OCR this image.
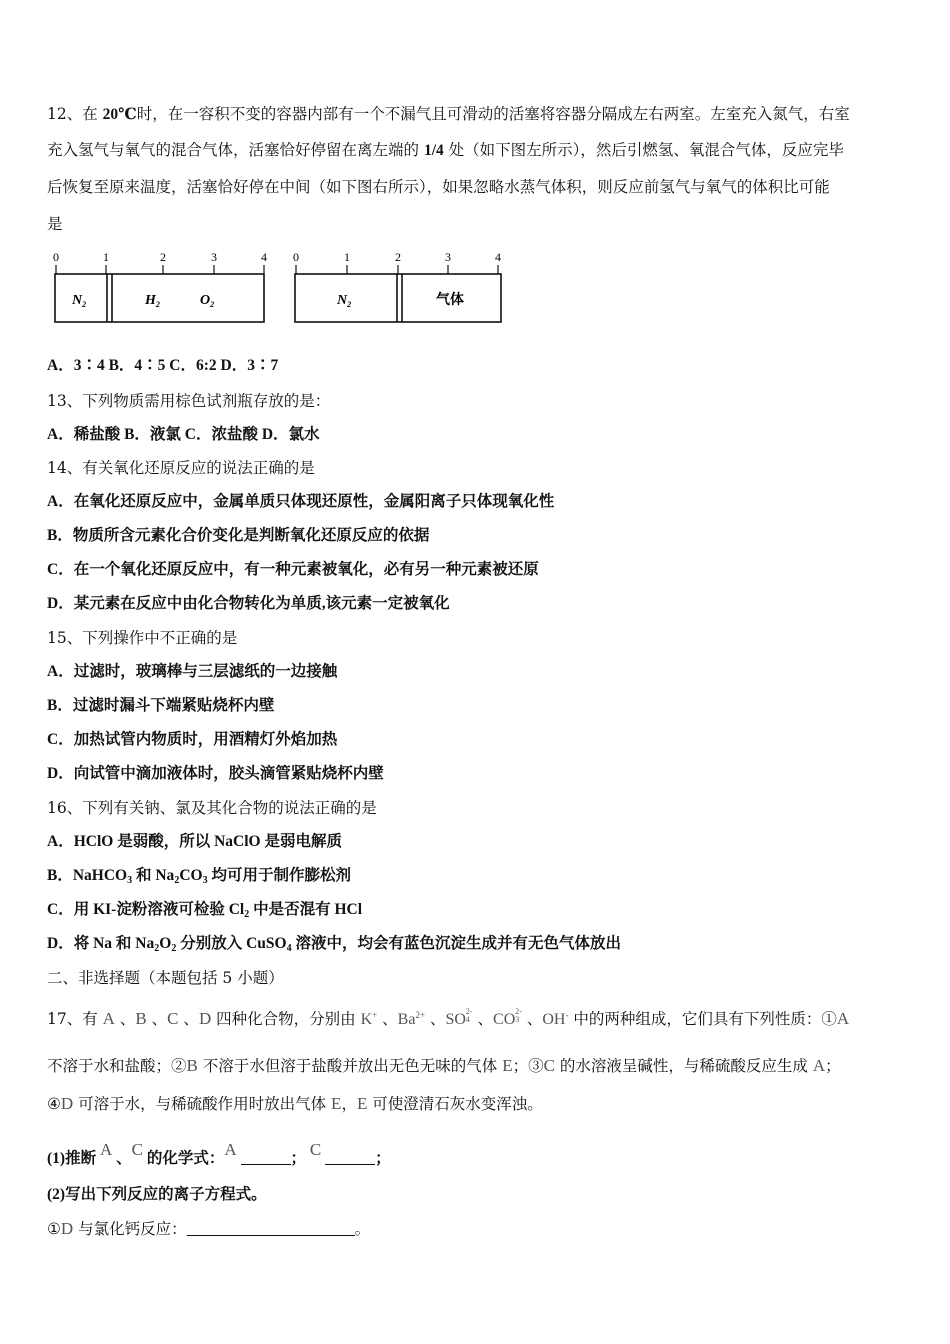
12、在 20℃时，在一容积不变的容器内部有一个不漏气且可滑动的活塞将容器分隔成左右两室。左室充入氮气，右室
充入氢气与氧气的混合气体，活塞恰好停留在离左端的 1/4 处（如下图左所示），然后引燃氢、氧混合气体，反应完毕
后恢复至原来温度，活塞恰好停在中间（如下图右所示），如果忽略水蒸气体积，则反应前氢气与氧气的体积比可能
是
0	1	2	3	4
$N_2$	$H_2$	$O_2$
0	1	2	3	4
$N_2$	气体
A．3∶4 B．4∶5 C．6:2 D．3∶7
13、下列物质需用棕色试剂瓶存放的是：
A．稀盐酸 B．液氯 C．浓盐酸 D．氯水
14、有关氧化还原反应的说法正确的是
A．在氧化还原反应中，金属单质只体现还原性，金属阳离子只体现氧化性
B．物质所含元素化合价变化是判断氧化还原反应的依据
C．在一个氧化还原反应中，有一种元素被氧化，必有另一种元素被还原
D．某元素在反应中由化合物转化为单质,该元素一定被氧化
15、下列操作中不正确的是
A．过滤时，玻璃棒与三层滤纸的一边接触
B．过滤时漏斗下端紧贴烧杯内壁
C．加热试管内物质时，用酒精灯外焰加热
D．向试管中滴加液体时，胶头滴管紧贴烧杯内壁
16、下列有关钠、氯及其化合物的说法正确的是
A．HClO 是弱酸，所以 NaClO 是弱电解质
B．NaHCO$_3$ 和 $Na_2CO_3$ 均可用于制作膨松剂
C．用 KI-淀粉溶液可检验 $Cl_2$ 中是否混有 HCl
D．将 Na 和 $Na_2O_2$ 分别放入 CuSO$_4$ 溶液中，均会有蓝色沉淀生成并有无色气体放出
二、非选择题（本题包括 5 小题）
17、有 A 、B 、C 、D 四种化合物，分别由 K+ 、$Ba^{2+}$ 、SO 2-
4 、CO 2-
3 、OH- 中的两种组成，它们具有下列性质：①A
不溶于水和盐酸；②B 不溶于水但溶于盐酸并放出无色无味的气体 E；③C 的水溶液呈碱性，与稀硫酸反应生成 A；
④D 可溶于水，与稀硫酸作用时放出气体 E，E 可使澄清石灰水变浑浊。
(1)推断 A 、C 的化学式：A	； C	；
(2)写出下列反应的离子方程式。
①D 与氯化钙反应：	。
